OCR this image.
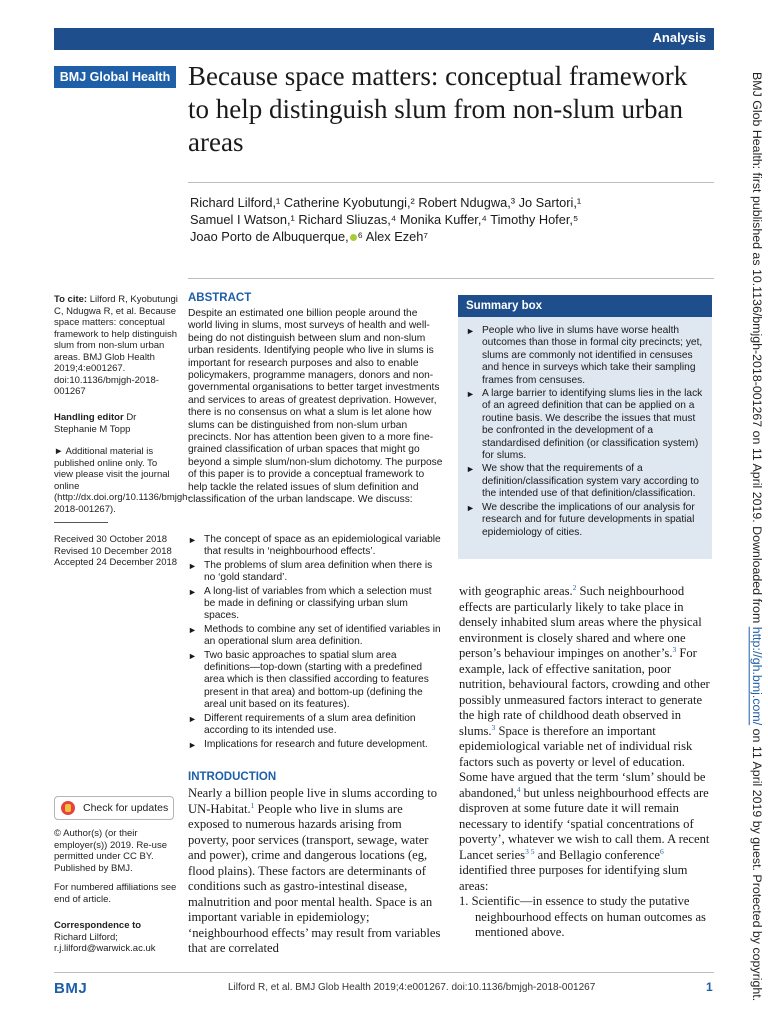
Analysis
BMJ Global Health Because space matters: conceptual framework to help distinguish slum from non-slum urban areas
Richard Lilford,¹ Catherine Kyobutungi,² Robert Ndugwa,³ Jo Sartori,¹
Samuel I Watson,¹ Richard Sliuzas,⁴ Monika Kuffer,⁴ Timothy Hofer,⁵
Joao Porto de Albuquerque, ⁶ Alex Ezeh⁷
To cite: Lilford R, Kyobutungi C, Ndugwa R, et al. Because space matters: conceptual framework to help distinguish slum from non-slum urban areas. BMJ Glob Health 2019;4:e001267. doi:10.1136/bmjgh-2018-001267
Handling editor Dr Stephanie M Topp
► Additional material is published online only. To view please visit the journal online (http://dx.doi.org/10.1136/bmjgh-2018-001267).
Received 30 October 2018
Revised 10 December 2018
Accepted 24 December 2018
Check for updates
© Author(s) (or their employer(s)) 2019. Re-use permitted under CC BY. Published by BMJ.
For numbered affiliations see end of article.
Correspondence to
Richard Lilford;
r.j.lilford@warwick.ac.uk
ABSTRACT
Despite an estimated one billion people around the world living in slums, most surveys of health and well-being do not distinguish between slum and non-slum urban residents. Identifying people who live in slums is important for research purposes and also to enable policymakers, programme managers, donors and non-governmental organisations to better target investments and services to areas of greatest deprivation. However, there is no consensus on what a slum is let alone how slums can be distinguished from non-slum urban precincts. Nor has attention been given to a more fine-grained classification of urban spaces that might go beyond a simple slum/non-slum dichotomy. The purpose of this paper is to provide a conceptual framework to help tackle the related issues of slum definition and classification of the urban landscape. We discuss:
► The concept of space as an epidemiological variable that results in ‘neighbourhood effects’.
► The problems of slum area definition when there is no ‘gold standard’.
► A long-list of variables from which a selection must be made in defining or classifying urban slum spaces.
► Methods to combine any set of identified variables in an operational slum area definition.
► Two basic approaches to spatial slum area definitions—top-down (starting with a predefined area which is then classified according to features present in that area) and bottom-up (defining the areal unit based on its features).
► Different requirements of a slum area definition according to its intended use.
► Implications for research and future development.
Summary box
► People who live in slums have worse health outcomes than those in formal city precincts; yet, slums are commonly not identified in censuses and hence in surveys which take their sampling frames from censuses.
► A large barrier to identifying slums lies in the lack of an agreed definition that can be applied on a routine basis. We describe the issues that must be confronted in the development of a standardised definition (or classification system) for slums.
► We show that the requirements of a definition/classification system vary according to the intended use of that definition/classification.
► We describe the implications of our analysis for research and for future developments in spatial epidemiology of cities.
INTRODUCTION
Nearly a billion people live in slums according to UN-Habitat.$^1$ People who live in slums are exposed to numerous hazards arising from poverty, poor services (transport, sewage, water and power), crime and dangerous locations (eg, flood plains). These factors are determinants of conditions such as gastro-intestinal disease, malnutrition and poor mental health. Space is an important variable in epidemiology; ‘neighbourhood effects’ may result from variables that are correlated
with geographic areas.$^2$ Such neighbourhood effects are particularly likely to take place in densely inhabited slum areas where the physical environment is closely shared and where one person’s behaviour impinges on another’s.$^3$ For example, lack of effective sanitation, poor nutrition, behavioural factors, crowding and other possibly unmeasured factors interact to generate the high rate of childhood death observed in slums.$^3$ Space is therefore an important epidemiological variable net of individual risk factors such as poverty or level of education. Some have argued that the term ‘slum’ should be abandoned,$^4$ but unless neighbourhood effects are disproven at some future date it will remain necessary to identify ‘spatial concentrations of poverty’, whatever we wish to call them. A recent Lancet series$^{3 5}$ and Bellagio conference$^6$ identified three purposes for identifying slum areas:
1. Scientific—in essence to study the putative neighbourhood effects on human outcomes as mentioned above.
BMJ Glob Health: first published as 10.1136/bmjgh-2018-001267 on 11 April 2019. Downloaded from http://gh.bmj.com/ on 11 April 2019 by guest. Protected by copyright.
BMJ	Lilford R, et al. BMJ Glob Health 2019;4:e001267. doi:10.1136/bmjgh-2018-001267	1
